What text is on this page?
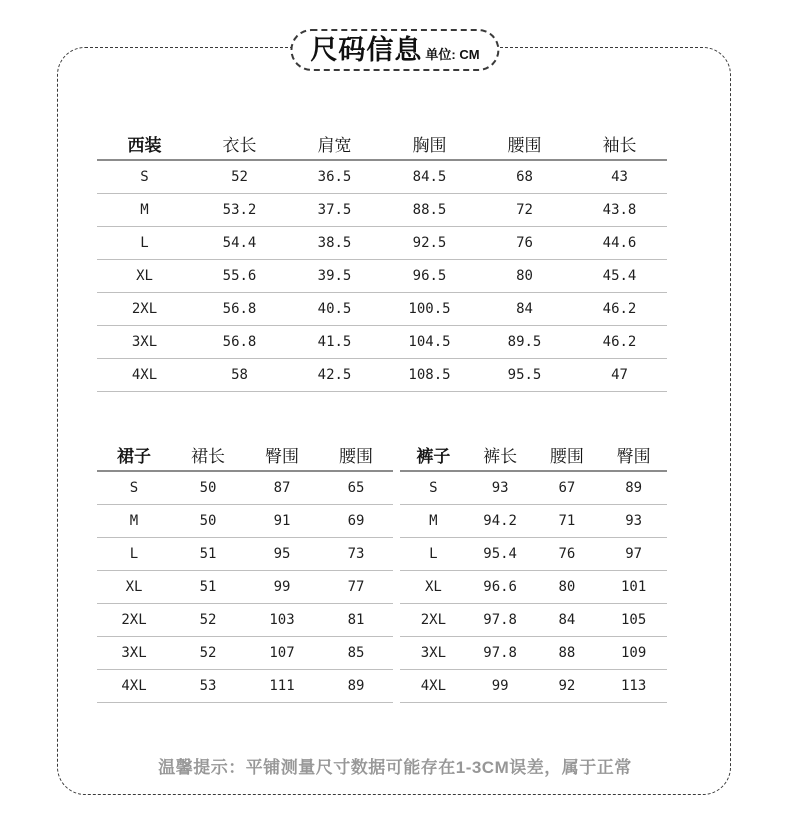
尺码信息 单位: CM
西装	衣长	肩宽	胸围	腰围	袖长
S	52	36.5	84.5	68	43
M	53.2	37.5	88.5	72	43.8
L	54.4	38.5	92.5	76	44.6
XL	55.6	39.5	96.5	80	45.4
2XL	56.8	40.5	100.5	84	46.2
3XL	56.8	41.5	104.5	89.5	46.2
4XL	58	42.5	108.5	95.5	47
裙子	裙长	臀围	腰围
S	50	87	65
M	50	91	69
L	51	95	73
XL	51	99	77
2XL	52	103	81
3XL	52	107	85
4XL	53	111	89
裤子	裤长	腰围	臀围
S	93	67	89
M	94.2	71	93
L	95.4	76	97
XL	96.6	80	101
2XL	97.8	84	105
3XL	97.8	88	109
4XL	99	92	113
温馨提示：平铺测量尺寸数据可能存在1-3CM误差，属于正常
